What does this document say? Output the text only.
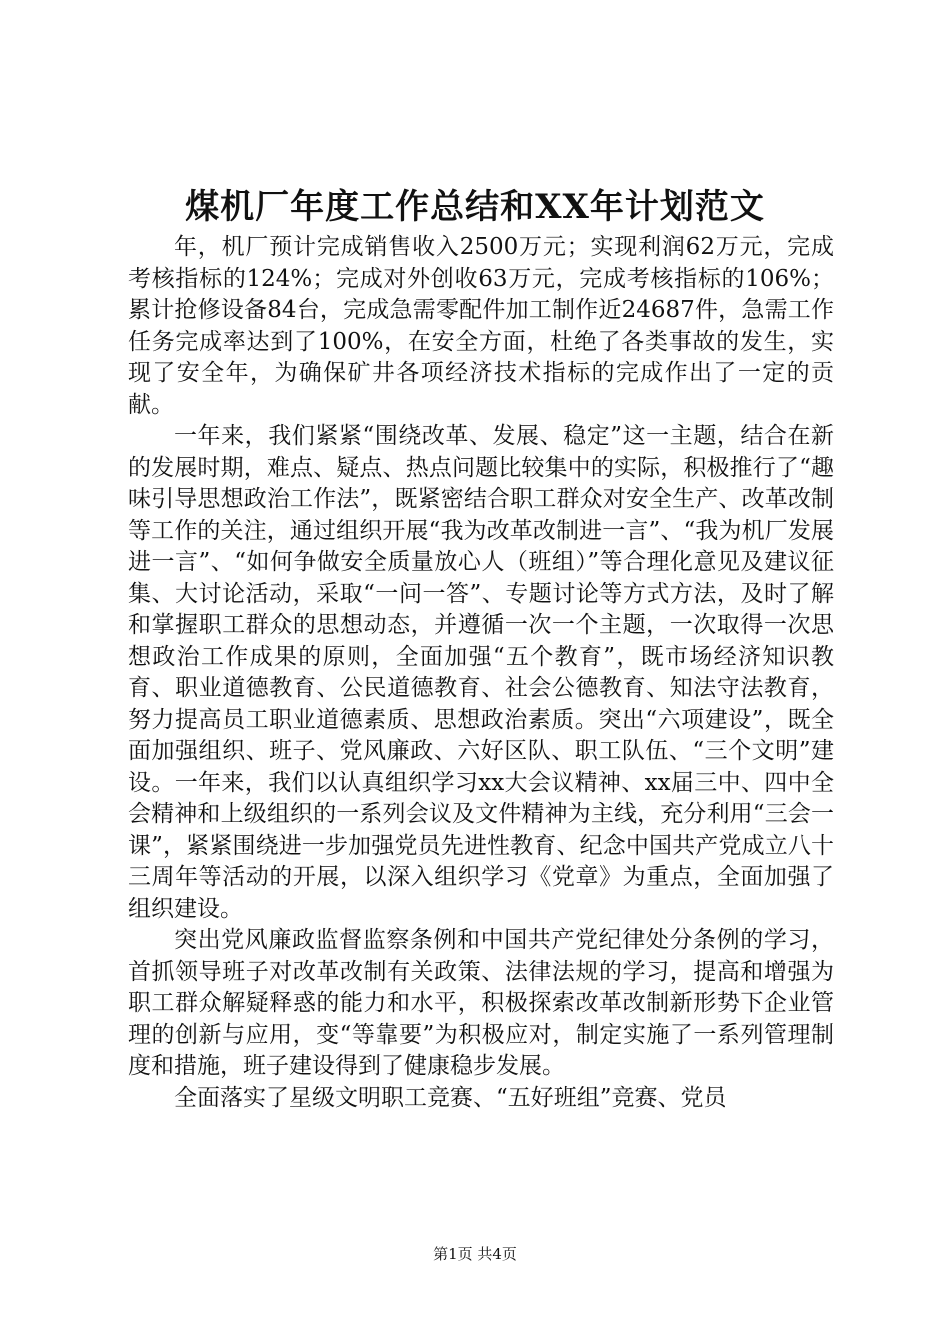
煤机厂年度工作总结和XX年计划范文

年，机厂预计完成销售收入2500万元；实现利润62万元，完成考核指标的124%；完成对外创收63万元，完成考核指标的106%；累计抢修设备84台，完成急需零配件加工制作近24687件，急需工作任务完成率达到了100%，在安全方面，杜绝了各类事故的发生，实现了安全年，为确保矿井各项经济技术指标的完成作出了一定的贡献。

一年来，我们紧紧“围绕改革、发展、稳定”这一主题，结合在新的发展时期，难点、疑点、热点问题比较集中的实际，积极推行了“趣味引导思想政治工作法”，既紧密结合职工群众对安全生产、改革改制等工作的关注，通过组织开展“我为改革改制进一言”、“我为机厂发展进一言”、“如何争做安全质量放心人（班组）”等合理化意见及建议征集、大讨论活动，采取“一问一答”、专题讨论等方式方法，及时了解和掌握职工群众的思想动态，并遵循一次一个主题，一次取得一次思想政治工作成果的原则，全面加强“五个教育”，既市场经济知识教育、职业道德教育、公民道德教育、社会公德教育、知法守法教育，努力提高员工职业道德素质、思想政治素质。突出“六项建设”，既全面加强组织、班子、党风廉政、六好区队、职工队伍、“三个文明”建设。一年来，我们以认真组织学习xx大会议精神、xx届三中、四中全会精神和上级组织的一系列会议及文件精神为主线，充分利用“三会一课”，紧紧围绕进一步加强党员先进性教育、纪念中国共产党成立八十三周年等活动的开展，以深入组织学习《党章》为重点，全面加强了组织建设。

突出党风廉政监督监察条例和中国共产党纪律处分条例的学习，首抓领导班子对改革改制有关政策、法律法规的学习，提高和增强为职工群众解疑释惑的能力和水平，积极探索改革改制新形势下企业管理的创新与应用，变“等靠要”为积极应对，制定实施了一系列管理制度和措施，班子建设得到了健康稳步发展。

全面落实了星级文明职工竞赛、“五好班组”竞赛、党员

第1页 共4页
